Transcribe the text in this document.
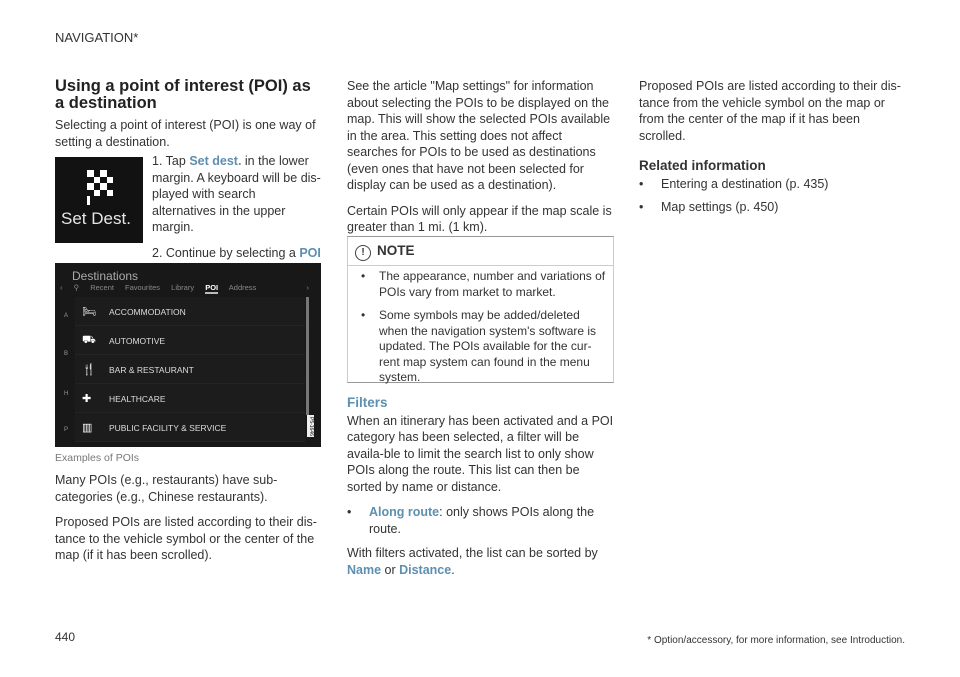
NAVIGATION*
Using a point of interest (POI) as a destination

Selecting a point of interest (POI) is one way of setting a destination.

Set Dest.

1. Tap Set dest. in the lower margin. A keyboard will be dis-played with search alternatives in the upper margin.

2. Continue by selecting a POI

Destinations
‹ ⚲ Recent Favourites Library POI Address	›
A
B
H
P
🛏 ACCOMMODATION
⛟ AUTOMOTIVE
🍴 BAR & RESTAURANT
✚ HEALTHCARE
▥ PUBLIC FACILITY & SERVICE	P5-1646
Examples of POIs

Many POIs (e.g., restaurants) have sub-categories (e.g., Chinese restaurants).

Proposed POIs are listed according to their dis-tance to the vehicle symbol or the center of the map (if it has been scrolled).

See the article "Map settings" for information about selecting the POIs to be displayed on the map. This will show the selected POIs available in the area. This setting does not affect searches for POIs to be used as destinations (even ones that have not been selected for display can be used as a destination).

Certain POIs will only appear if the map scale is greater than 1 mi. (1 km).

! NOTE
• The appearance, number and variations of POIs vary from market to market.
• Some symbols may be added/deleted when the navigation system's software is updated. The POIs available for the cur-rent map system can found in the menu system.
Filters

When an itinerary has been activated and a POI category has been selected, a filter will be availa-ble to limit the search list to only show POIs along the route. This list can then be sorted by name or distance.

• Along route: only shows POIs along the route.

With filters activated, the list can be sorted by Name or Distance.

Proposed POIs are listed according to their dis-tance from the vehicle symbol on the map or from the center of the map if it has been scrolled.

Related information
• Entering a destination (p. 435)
• Map settings (p. 450)
440	* Option/accessory, for more information, see Introduction.
